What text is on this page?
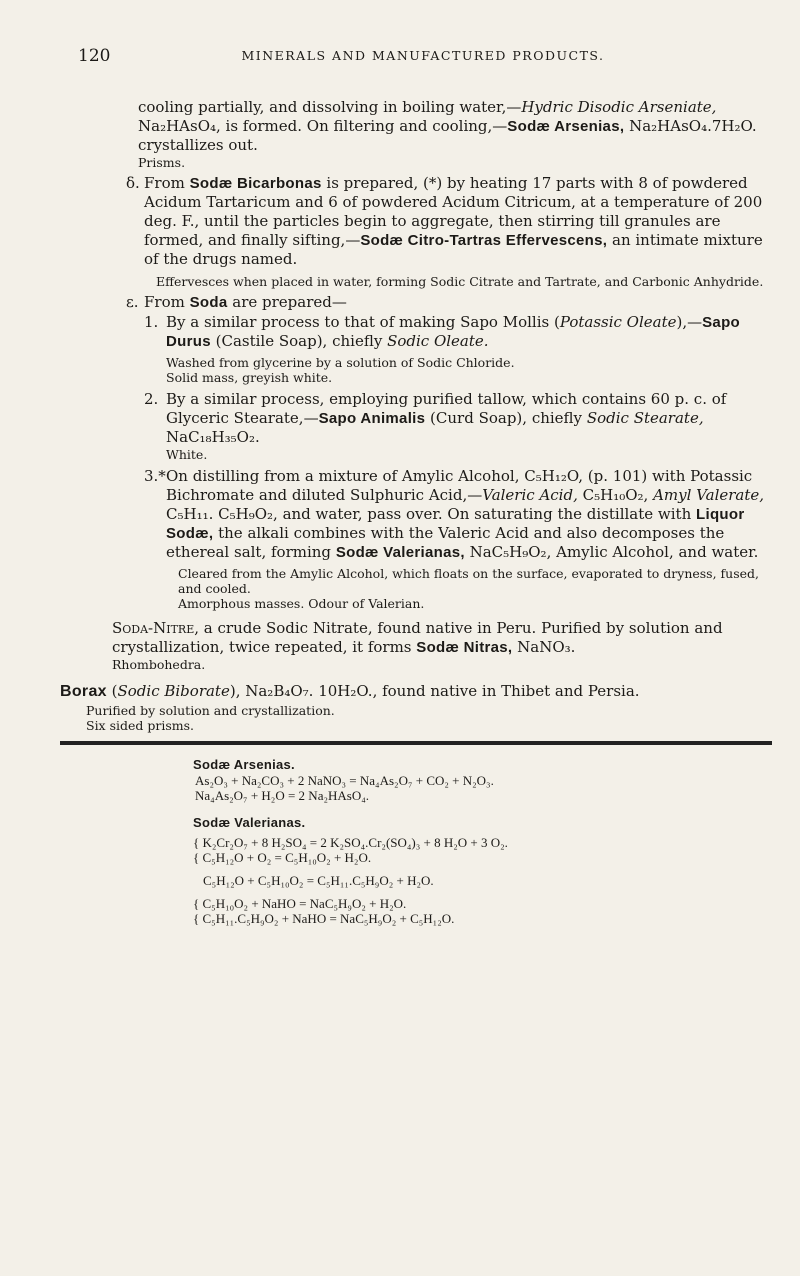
120	MINERALS AND MANUFACTURED PRODUCTS.

cooling partially, and dissolving in boiling water,—Hydric Disodic Arseniate, Na₂HAsO₄, is formed. On filtering and cooling,—Sodæ Arsenias, Na₂HAsO₄.7H₂O. crystallizes out.

Prisms.

δ. From Sodæ Bicarbonas is prepared, (*) by heating 17 parts with 8 of powdered Acidum Tartaricum and 6 of powdered Acidum Citricum, at a temperature of 200 deg. F., until the particles begin to aggregate, then stirring till granules are formed, and finally sifting,—Sodæ Citro-Tartras Effervescens, an intimate mixture of the drugs named.

Effervesces when placed in water, forming Sodic Citrate and Tartrate, and Carbonic Anhydride.

ε. From Soda are prepared—

1. By a similar process to that of making Sapo Mollis (Potassic Oleate),—Sapo Durus (Castile Soap), chiefly Sodic Oleate.

Washed from glycerine by a solution of Sodic Chloride.

Solid mass, greyish white.

2. By a similar process, employing purified tallow, which contains 60 p. c. of Glyceric Stearate,—Sapo Animalis (Curd Soap), chiefly Sodic Stearate, NaC₁₈H₃₅O₂.

White.

3.* On distilling from a mixture of Amylic Alcohol, C₅H₁₂O, (p. 101) with Potassic Bichromate and diluted Sulphuric Acid,—Valeric Acid, C₅H₁₀O₂, Amyl Valerate, C₅H₁₁. C₅H₉O₂, and water, pass over. On saturating the distillate with Liquor Sodæ, the alkali combines with the Valeric Acid and also decomposes the ethereal salt, forming Sodæ Valerianas, NaC₅H₉O₂, Amylic Alcohol, and water.

Cleared from the Amylic Alcohol, which floats on the surface, evaporated to dryness, fused, and cooled.

Amorphous masses. Odour of Valerian.

Soda-Nitre, a crude Sodic Nitrate, found native in Peru. Purified by solution and crystallization, twice repeated, it forms Sodæ Nitras, NaNO₃.

Rhombohedra.

Borax (Sodic Biborate), Na₂B₄O₇. 10H₂O., found native in Thibet and Persia.

Purified by solution and crystallization.

Six sided prisms.

Sodæ Arsenias.

As₂O₃ + Na₂CO₃ + 2 NaNO₃ = Na₄As₂O₇ + CO₂ + N₂O₃.

Na₄As₂O₇ + H₂O = 2 Na₂HAsO₄.

Sodæ Valerianas.

{ K₂Cr₂O₇ + 8 H₂SO₄ = 2 K₂SO₄.Cr₂(SO₄)₃ + 8 H₂O + 3 O₂.

{ C₅H₁₂O + O₂ = C₅H₁₀O₂ + H₂O.

C₅H₁₂O + C₅H₁₀O₂ = C₅H₁₁.C₅H₉O₂ + H₂O.

{ C₅H₁₀O₂ + NaHO = NaC₅H₉O₂ + H₂O.

{ C₅H₁₁.C₅H₉O₂ + NaHO = NaC₅H₉O₂ + C₅H₁₂O.
